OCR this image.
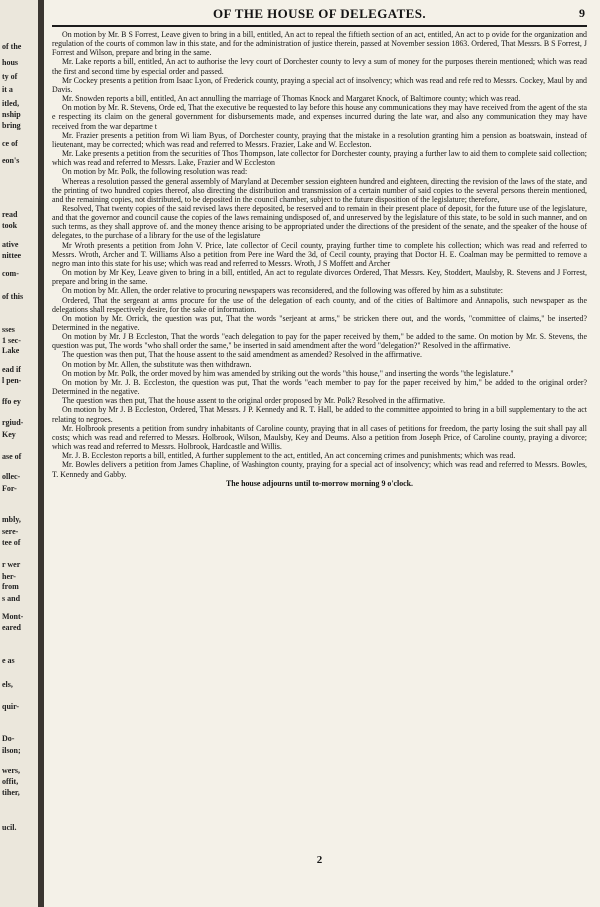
of the
hous
ty of
it a
itled,
nship
bring
ce of
eon's
read
took
ative
nittee
com-
of this
sses
1 sec-
Lake
ead if
l pen-
ffo ey
rgiud-
Key
ase of
ollec-
For-
mbly,
sere-
tee of
r wer
her-
from
s and
Mont-
eared
e as
els,
quir-
Do-
ilson;
wers,
offit,
tiher,
ucil.
OF THE HOUSE OF DELEGATES.	9

On motion by Mr. B S Forrest, Leave given to bring in a bill, entitled, An act to repeal the fiftieth section of an act, entitled, An act to p ovide for the organization and regulation of the courts of common law in this state, and for the administration of justice therein, passed at November session 1863. Ordered, That Messrs. B S Forrest, J Forrest and Wilson, prepare and bring in the same.

Mr. Lake reports a bill, entitled, An act to authorise the levy court of Dorchester county to levy a sum of money for the purposes therein mentioned; which was read the first and second time by especial order and passed.

Mr Cockey presents a petition from Isaac Lyon, of Frederick county, praying a special act of insolvency; which was read and refe red to Messrs. Cockey, Maul by and Davis.

Mr. Snowden reports a bill, entitled, An act annulling the marriage of Thomas Knock and Margaret Knock, of Baltimore county; which was read.

On motion by Mr. R. Stevens, Orde ed, That the executive be requested to lay before this house any communications they may have received from the agent of the sta e respecting its claim on the general government for disbursements made, and expenses incurred during the late war, and also any communication they may have received from the war departme t

Mr. Frazier presents a petition from Wi liam Byus, of Dorchester county, praying that the mistake in a resolution granting him a pension as boatswain, instead of lieutenant, may be corrected; which was read and referred to Messrs. Frazier, Lake and W. Eccleston.

Mr. Lake presents a petition from the securities of Thos Thompson, late collector for Dorchester county, praying a further law to aid them to complete said collection; which was read and referred to Messrs. Lake, Frazier and W Eccleston

On motion by Mr. Polk, the following resolution was read:

Whereas a resolution passed the general assembly of Maryland at December session eighteen hundred and eighteen, directing the revision of the laws of the state, and the printing of two hundred copies thereof, also directing the distribution and transmission of a certain number of said copies to the several persons therein mentioned, and the remaining copies, not distributed, to be deposited in the council chamber, subject to the future disposition of the legislature; therefore,

Resolved, That twenty copies of the said revised laws there deposited, be reserved and to remain in their present place of deposit, for the future use of the legislature, and that the governor and council cause the copies of the laws remaining undisposed of, and unreserved by the legislature of this state, to be sold in such manner, and on such terms, as they shall approve of. and the money thence arising to be appropriated under the directions of the president of the senate, and the speaker of the house of delegates, to the purchase of a library for the use of the legislature

Mr Wroth presents a petition from John V. Price, late collector of Cecil county, praying further time to complete his collection; which was read and referred to Messrs. Wroth, Archer and T. Williams Also a petition from Pere ine Ward the 3d, of Cecil county, praying that Doctor H. E. Coalman may be permitted to remove a negro man into this state for his use; which was read and referred to Messrs. Wroth, J S Moffett and Archer

On motion by Mr Key, Leave given to bring in a bill, entitled, An act to regulate divorces Ordered, That Messrs. Key, Stoddert, Maulsby, R. Stevens and J Forrest, prepare and bring in the same.

On motion by Mr. Allen, the order relative to procuring newspapers was reconsidered, and the following was offered by him as a substitute:

Ordered, That the sergeant at arms procure for the use of the delegation of each county, and of the cities of Baltimore and Annapolis, such newspaper as the delegations shall respectively desire, for the sake of information.

On motion by Mr. Orrick, the question was put, That the words "serjeant at arms," be stricken there out, and the words, "committee of claims," be inserted? Determined in the negative.

On motion by Mr. J B Eccleston, That the words "each delegation to pay for the paper received by them," be added to the same. On motion by Mr. S. Stevens, the question was put, The words "who shall order the same," be inserted in said amendment after the word "delegation?" Resolved in the affirmative.

The question was then put, That the house assent to the said amendment as amended? Resolved in the affirmative.

On motion by Mr. Allen, the substitute was then withdrawn.

On motion by Mr. Polk, the order moved by him was amended by striking out the words "this house," and inserting the words "the legislature."

On motion by Mr. J. B. Eccleston, the question was put, That the words "each member to pay for the paper received by him," be added to the original order? Determined in the negative.

The question was then put, That the house assent to the original order proposed by Mr. Polk? Resolved in the affirmative.

On motion by Mr J. B Eccleston, Ordered, That Messrs. J P. Kennedy and R. T. Hall, be added to the committee appointed to bring in a bill supplementary to the act relating to negroes.

Mr. Holbrook presents a petition from sundry inhabitants of Caroline county, praying that in all cases of petitions for freedom, the party losing the suit shall pay all costs; which was read and referred to Messrs. Holbrook, Wilson, Maulsby, Key and Deums. Also a petition from Joseph Price, of Caroline county, praying a divorce; which was read and referred to Messrs. Holbrook, Hardcastle and Willis.

Mr. J. B. Eccleston reports a bill, entitled, A further supplement to the act, entitled, An act concerning crimes and punishments; which was read.

Mr. Bowles delivers a petition from James Chapline, of Washington county, praying for a special act of insolvency; which was read and referred to Messrs. Bowles, T. Kennedy and Gabby.

The house adjourns until to-morrow morning 9 o'clock.

2
